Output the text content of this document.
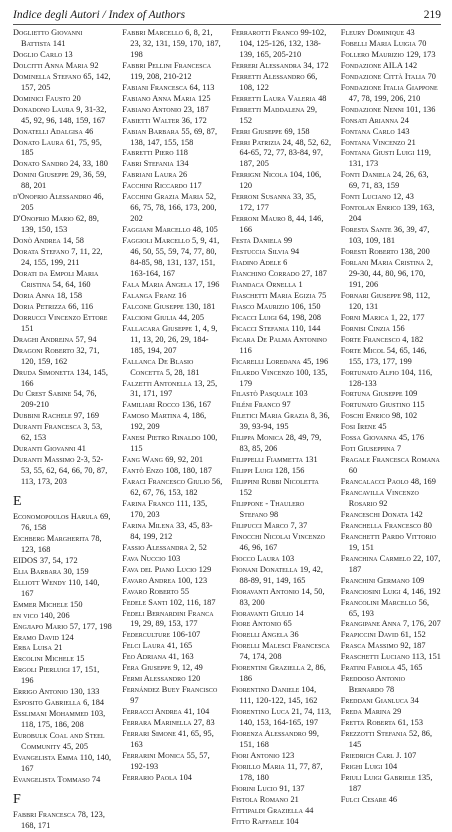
Indice degli Autori / Index of Authors	219

Doglietto Giovanni Battista 141

Doglio Carlo 13

Dolcitti Anna Maria 92

Dominella Stefano 65, 142, 157, 205

Dominici Fausto 20

Donadono Laura 9, 31-32, 45, 92, 96, 148, 159, 167

Donatelli Adalgisa 46

Donato Laura 61, 75, 95, 185

Donato Sandro 24, 33, 180

Donini Giuseppe 29, 36, 59, 88, 201

d'Onofrio Alessandro 46, 205

D'Onofrio Mario 62, 89, 139, 150, 153

Donò Andrea 14, 58

Dorata Stefano 7, 11, 22, 24, 155, 199, 211

Dorati da Empoli Maria Cristina 54, 64, 160

Doria Anna 18, 158

Doria Petrizza 66, 116

Dorrucci Vincenzo Ettore 151

Draghi Andreina 57, 94

Dragoni Roberto 32, 71, 120, 159, 162

Druda Simonetta 134, 145, 166

Du Crest Sabine 54, 76, 209-210

Dubbini Rachele 97, 169

Duranti Francesca 3, 53, 62, 153

Duranti Giovanni 41

Duranti Massimo 2-3, 52-53, 55, 62, 64, 66, 70, 87, 113, 173, 203

E

Economopoulos Harula 69, 76, 158

Eichberg Margherita 78, 123, 168

EIDOS 37, 54, 172

Elia Barbara 30, 159

Elliott Wendy 110, 140, 167

Emmer Michele 150

en vico 140, 206

Engларо Mario 57, 177, 198

Eramo David 124

Erba Luisa 21

Ercolini Michele 15

Ergoli Pierluigi 17, 151, 196

Errigo Antonio 130, 133

Esposito Gabriella 6, 184

Esslimani Mohammed 103, 118, 175, 186, 208

Eurobulk Coal and Steel Community 45, 205

Evangelista Emma 110, 140, 167

Evangelista Tommaso 74

F

Fabbri Francesca 78, 123, 168, 171

Fabbri Marcello 6, 8, 21, 23, 32, 131, 159, 170, 187, 198

Fabbri Pellini Francesca 119, 208, 210-212

Fabiani Francesca 64, 113

Fabiano Anna Maria 125

Fabiano Antonio 23, 187

Fabietti Walter 36, 172

Fabian Barbara 55, 69, 87, 138, 147, 155, 158

Fabretti Piero 118

Fabri Stefania 134

Fabriani Laura 26

Facchini Riccardo 117

Facchini Grazia Maria 52, 66, 75, 78, 166, 173, 200, 202

Faggiani Marcello 48, 105

Faggioli Marcello 5, 9, 41, 46, 50, 55, 59, 74, 77, 80, 84-85, 98, 131, 137, 151, 163-164, 167

Fala Maria Angela 17, 196

Falanga Franz 16

Falcone Giuseppe 130, 181

Falcioni Giulia 44, 205

Fallacara Giuseppe 1, 4, 9, 11, 13, 20, 26, 29, 184-185, 194, 207

Fallanca De Blasio Concetta 5, 28, 181

Falzetti Antonella 13, 25, 31, 171, 197

Familiari Rocco 136, 167

Famoso Martina 4, 186, 192, 209

Fanesi Pietro Rinaldo 100, 115

Fang Wang 69, 92, 201

Fantò Enzo 108, 180, 187

Faraci Francesco Giulio 56, 62, 67, 76, 153, 182

Farina Franco 111, 135, 170, 203

Farina Milena 33, 45, 83-84, 199, 212

Fassio Alessandra 2, 52

Fava Nuccio 103

Fava del Piano Lucio 129

Favaro Andrea 100, 123

Favaro Roberto 55

Fedele Santi 102, 116, 187

Fedeli Bernardini Franca 19, 29, 89, 153, 177

Federculture 106-107

Felci Laura 41, 165

Feo Adriana 41, 163

Fera Giuseppe 9, 12, 49

Fermi Alessandro 120

Fernández Buey Francisco 97

Ferracci Andrea 41, 104

Ferrara Marinella 27, 83

Ferrari Simone 41, 65, 95, 163

Ferrarini Monica 55, 57, 192-193

Ferrario Paola 104

Ferrarotti Franco 99-102, 104, 125-126, 132, 138-139, 165, 205-210

Ferreri Alessandra 34, 172

Ferretti Alessandro 66, 108, 122

Ferretti Laura Valeria 48

Ferretti Maddalena 29, 152

Ferri Giuseppe 69, 158

Ferri Patrizia 24, 48, 52, 62, 64-65, 72, 77, 83-84, 97, 187, 205

Ferrigni Nicola 104, 106, 120

Ferroni Susanna 33, 35, 172, 177

Ferroni Mauro 8, 44, 146, 166

Festa Daniela 99

Festuccia Silvia 94

Fiadino Adele 6

Fianchino Corrado 27, 187

Fiandaca Ornella 1

Fiaschetti Maria Egizia 75

Fiasco Maurizio 106, 150

Ficacci Luigi 64, 198, 208

Ficacci Stefania 110, 144

Ficara De Palma Antonino 116

Ficarelli Loredana 45, 196

Filardo Vincenzo 100, 135, 179

Filastò Pasquale 103

Filéni Franco 97

Filetici Maria Grazia 8, 36, 39, 93-94, 195

Filippa Monica 28, 49, 79, 83, 85, 206

Filippelli Fiammetta 131

Filippi Luigi 128, 156

Filippini Rubbi Nicoletta 152

Filippone - Thaulero Stefano 98

Filipucci Marco 7, 37

Finocchi Nicolai Vincenzo 46, 96, 167

Fiocco Laura 103

Fionani Donatella 19, 42, 88-89, 91, 149, 165

Fioravanti Antonio 14, 50, 83, 200

Fioravanti Giulio 14

Fiore Antonio 65

Fiorelli Angela 36

Fiorelli Malesci Francesca 74, 174, 208

Fiorentini Graziella 2, 86, 186

Fiorentino Daniele 104, 111, 120-122, 145, 162

Fiorentino Luca 21, 74, 113, 140, 153, 164-165, 197

Fiorenza Alessandro 99, 151, 168

Fiori Antonio 123

Fiorillo Maria 11, 77, 87, 178, 180

Fiorini Lucio 91, 137

Fistola Romano 21

Fittipaldi Graziella 44

Fitto Raffaele 104

Fleury Dominique 43

Fobelli Maria Luigia 70

Follero Maurizio 129, 173

Fondazione AILA 142

Fondazione Città Italia 70

Fondazione Italia Giappone 47, 78, 199, 206, 210

Fondazione Nenni 101, 136

Fonsati Arianna 24

Fontana Carlo 143

Fontana Vincenzo 21

Fontana Giusti Luigi 119, 131, 173

Fonti Daniela 24, 26, 63, 69, 71, 83, 159

Fonti Luciano 12, 43

Fontolan Enrico 139, 163, 204

Foresta Sante 36, 39, 47, 103, 109, 181

Foresti Roberto 138, 200

Forlani Maria Cristina 2, 29-30, 44, 80, 96, 170, 191, 206

Fornari Giuseppe 98, 112, 120, 131

Forni Marica 1, 22, 177

Fornisi Cinzia 156

Forte Francesco 4, 182

Forte Micol 54, 65, 146, 155, 173, 177, 199

Fortunato Alfio 104, 116, 128-133

Fortuna Giuseppe 109

Fortunato Giustino 115

Foschi Enrico 98, 102

Fosi Irene 45

Fossa Giovanna 45, 176

Foti Giuseppina 7

Fragale Francesca Romana 60

Francalacci Paolo 48, 169

Francavilla Vincenzo Rosario 92

Franceschi Donata 142

Franchella Francesco 80

Franchetti Pardo Vittorio 19, 151

Franchina Carmelo 22, 107, 187

Franchini Germano 109

Franciosini Luigi 4, 146, 192

Francolini Marcello 56, 65, 193

Frangipane Anna 7, 176, 207

Frapiccini David 61, 152

Frasca Massimo 92, 187

Fraschetti Luciano 113, 151

Fratini Fabiola 45, 165

Freddoso Antonio Bernardo 78

Freddani Gianluca 34

Freda Marina 29

Fretta Roberta 61, 153

Frezzotti Stefania 52, 86, 145

Friedrich Carl J. 107

Frighi Luigi 104

Friuli Luigi Gabriele 135, 187

Fulci Cesare 46
